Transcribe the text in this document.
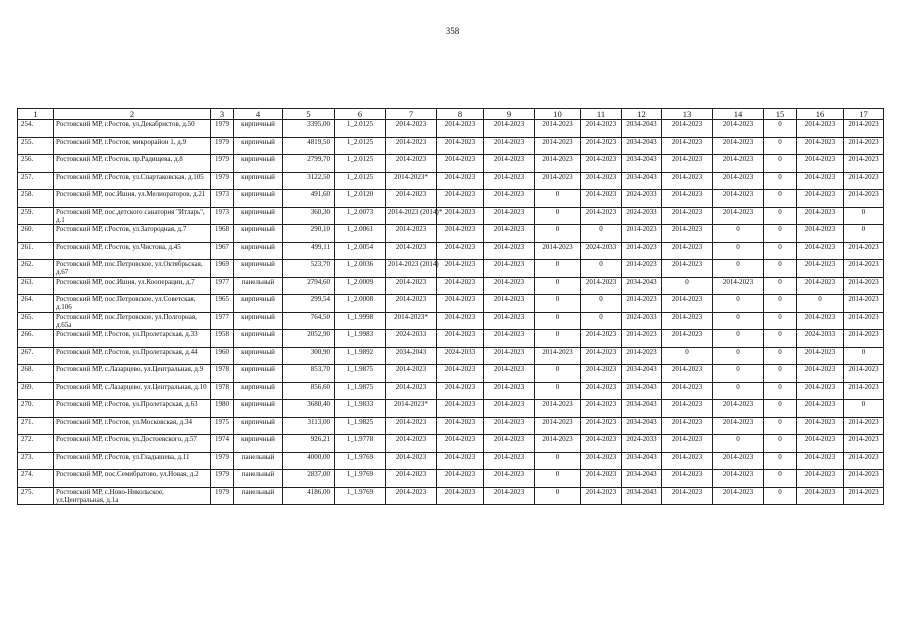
358
1	2	3	4	5	6	7	8	9	10	11	12	13	14	15	16	17
254.	Ростовский МР, г.Ростов, ул.Декабристов, д.50	1979	кирпичный	3395,00	1_2.0125	2014-2023	2014-2023	2014-2023	2014-2023	2014-2023	2034-2043	2014-2023	2014-2023	0	2014-2023	2014-2023
255.	Ростовский МР, г.Ростов, микрорайон 1, д.9	1979	кирпичный	4819,50	1_2.0125	2014-2023	2014-2023	2014-2023	2014-2023	2014-2023	2034-2043	2014-2023	2014-2023	0	2014-2023	2014-2023
256.	Ростовский МР, г.Ростов, пр.Радищева, д.8	1979	кирпичный	2799,70	1_2.0125	2014-2023	2014-2023	2014-2023	2014-2023	2014-2023	2034-2043	2014-2023	2014-2023	0	2014-2023	2014-2023
257.	Ростовский МР, г.Ростов, ул.Спартаковская, д.105	1979	кирпичный	3122,50	1_2.0125	2014-2023*	2014-2023	2014-2023	2014-2023	2014-2023	2034-2043	2014-2023	2014-2023	0	2014-2023	2014-2023
258.	Ростовский МР, пос.Ишня, ул.Мелиораторов, д.21	1973	кирпичный	491,60	1_2.0120	2014-2023	2014-2023	2014-2023	0	2014-2023	2024-2033	2014-2023	2014-2023	0	2014-2023	2014-2023
259.	Ростовский МР, пос.детского санатория "Итларь", д.1	1973	кирпичный	360,30	1_2.0073	2014-2023 (2014)*	2014-2023	2014-2023	0	2014-2023	2024-2033	2014-2023	2014-2023	0	2014-2023	0
260.	Ростовский МР, г.Ростов, ул.Загородная, д.7	1968	кирпичный	290,10	1_2.0061	2014-2023	2014-2023	2014-2023	0	0	2014-2023	2014-2023	0	0	2014-2023	0
261.	Ростовский МР, г.Ростов, ул.Чистова, д.45	1967	кирпичный	499,11	1_2.0054	2014-2023	2014-2023	2014-2023	2014-2023	2024-2033	2014-2023	2014-2023	0	0	2014-2023	2014-2023
262.	Ростовский МР, пос.Петровское, ул.Октябрьская, д.67	1969	кирпичный	523,70	1_2.0036	2014-2023 (2014)	2014-2023	2014-2023	0	0	2014-2023	2014-2023	0	0	2014-2023	2014-2023
263.	Ростовский МР, пос.Ишня, ул.Кооперации, д.7	1977	панельный	2794,60	1_2.0009	2014-2023	2014-2023	2014-2023	0	2014-2023	2034-2043	0	2014-2023	0	2014-2023	2014-2023
264.	Ростовский МР, пос.Петровское, ул.Советская, д.106	1965	кирпичный	299,54	1_2.0008	2014-2023	2014-2023	2014-2023	0	0	2014-2023	2014-2023	0	0	0	2014-2023
265.	Ростовский МР, пос.Петровское, ул.Полгорная, д.65а	1977	кирпичный	764,50	1_1.9998	2014-2023*	2014-2023	2014-2023	0	0	2024-2033	2014-2023	0	0	2014-2023	2014-2023
266.	Ростовский МР, г.Ростов, ул.Пролетарская, д.33	1958	кирпичный	2052,90	1_1.9983	2024-2033	2014-2023	2014-2023	0	2014-2023	2014-2023	2014-2023	0	0	2024-2033	2014-2023
267.	Ростовский МР, г.Ростов, ул.Пролетарская, д.44	1960	кирпичный	300,90	1_1.9892	2034-2043	2024-2033	2014-2023	2014-2023	2014-2023	2014-2023	0	0	0	2014-2023	0
268.	Ростовский МР, с.Лазарцево, ул.Центральная, д.9	1978	кирпичный	853,70	1_1.9875	2014-2023	2014-2023	2014-2023	0	2014-2023	2034-2043	2014-2023	0	0	2014-2023	2014-2023
269.	Ростовский МР, с.Лазарцево, ул.Центральная, д.10	1978	кирпичный	856,60	1_1.9875	2014-2023	2014-2023	2014-2023	0	2014-2023	2034-2043	2014-2023	0	0	2014-2023	2014-2023
270.	Ростовский МР, г.Ростов, ул.Пролетарская, д.63	1980	кирпичный	3680,40	1_1.9833	2014-2023*	2014-2023	2014-2023	2014-2023	2014-2023	2034-2043	2014-2023	2014-2023	0	2014-2023	0
271.	Ростовский МР, г.Ростов, ул.Московская, д.34	1975	кирпичный	3113,00	1_1.9825	2014-2023	2014-2023	2014-2023	2014-2023	2014-2023	2034-2043	2014-2023	2014-2023	0	2014-2023	2014-2023
272.	Ростовский МР, г.Ростов, ул.Достоевского, д.57	1974	кирпичный	926,21	1_1.9778	2014-2023	2014-2023	2014-2023	2014-2023	2014-2023	2024-2033	2014-2023	0	0	2014-2023	2014-2023
273.	Ростовский МР, г.Ростов, ул.Гладышева, д.11	1979	панельный	4000,00	1_1.9769	2014-2023	2014-2023	2014-2023	0	2014-2023	2034-2043	2014-2023	2014-2023	0	2014-2023	2014-2023
274.	Ростовский МР, пос.Семибратово, ул.Новая, д.2	1979	панельный	2837,00	1_1.9769	2014-2023	2014-2023	2014-2023	0	2014-2023	2034-2043	2014-2023	2014-2023	0	2014-2023	2014-2023
275.	Ростовский МР, с.Ново-Никольское, ул.Центральная, д.1а	1979	панельный	4186,00	1_1.9769	2014-2023	2014-2023	2014-2023	0	2014-2023	2034-2043	2014-2023	2014-2023	0	2014-2023	2014-2023
